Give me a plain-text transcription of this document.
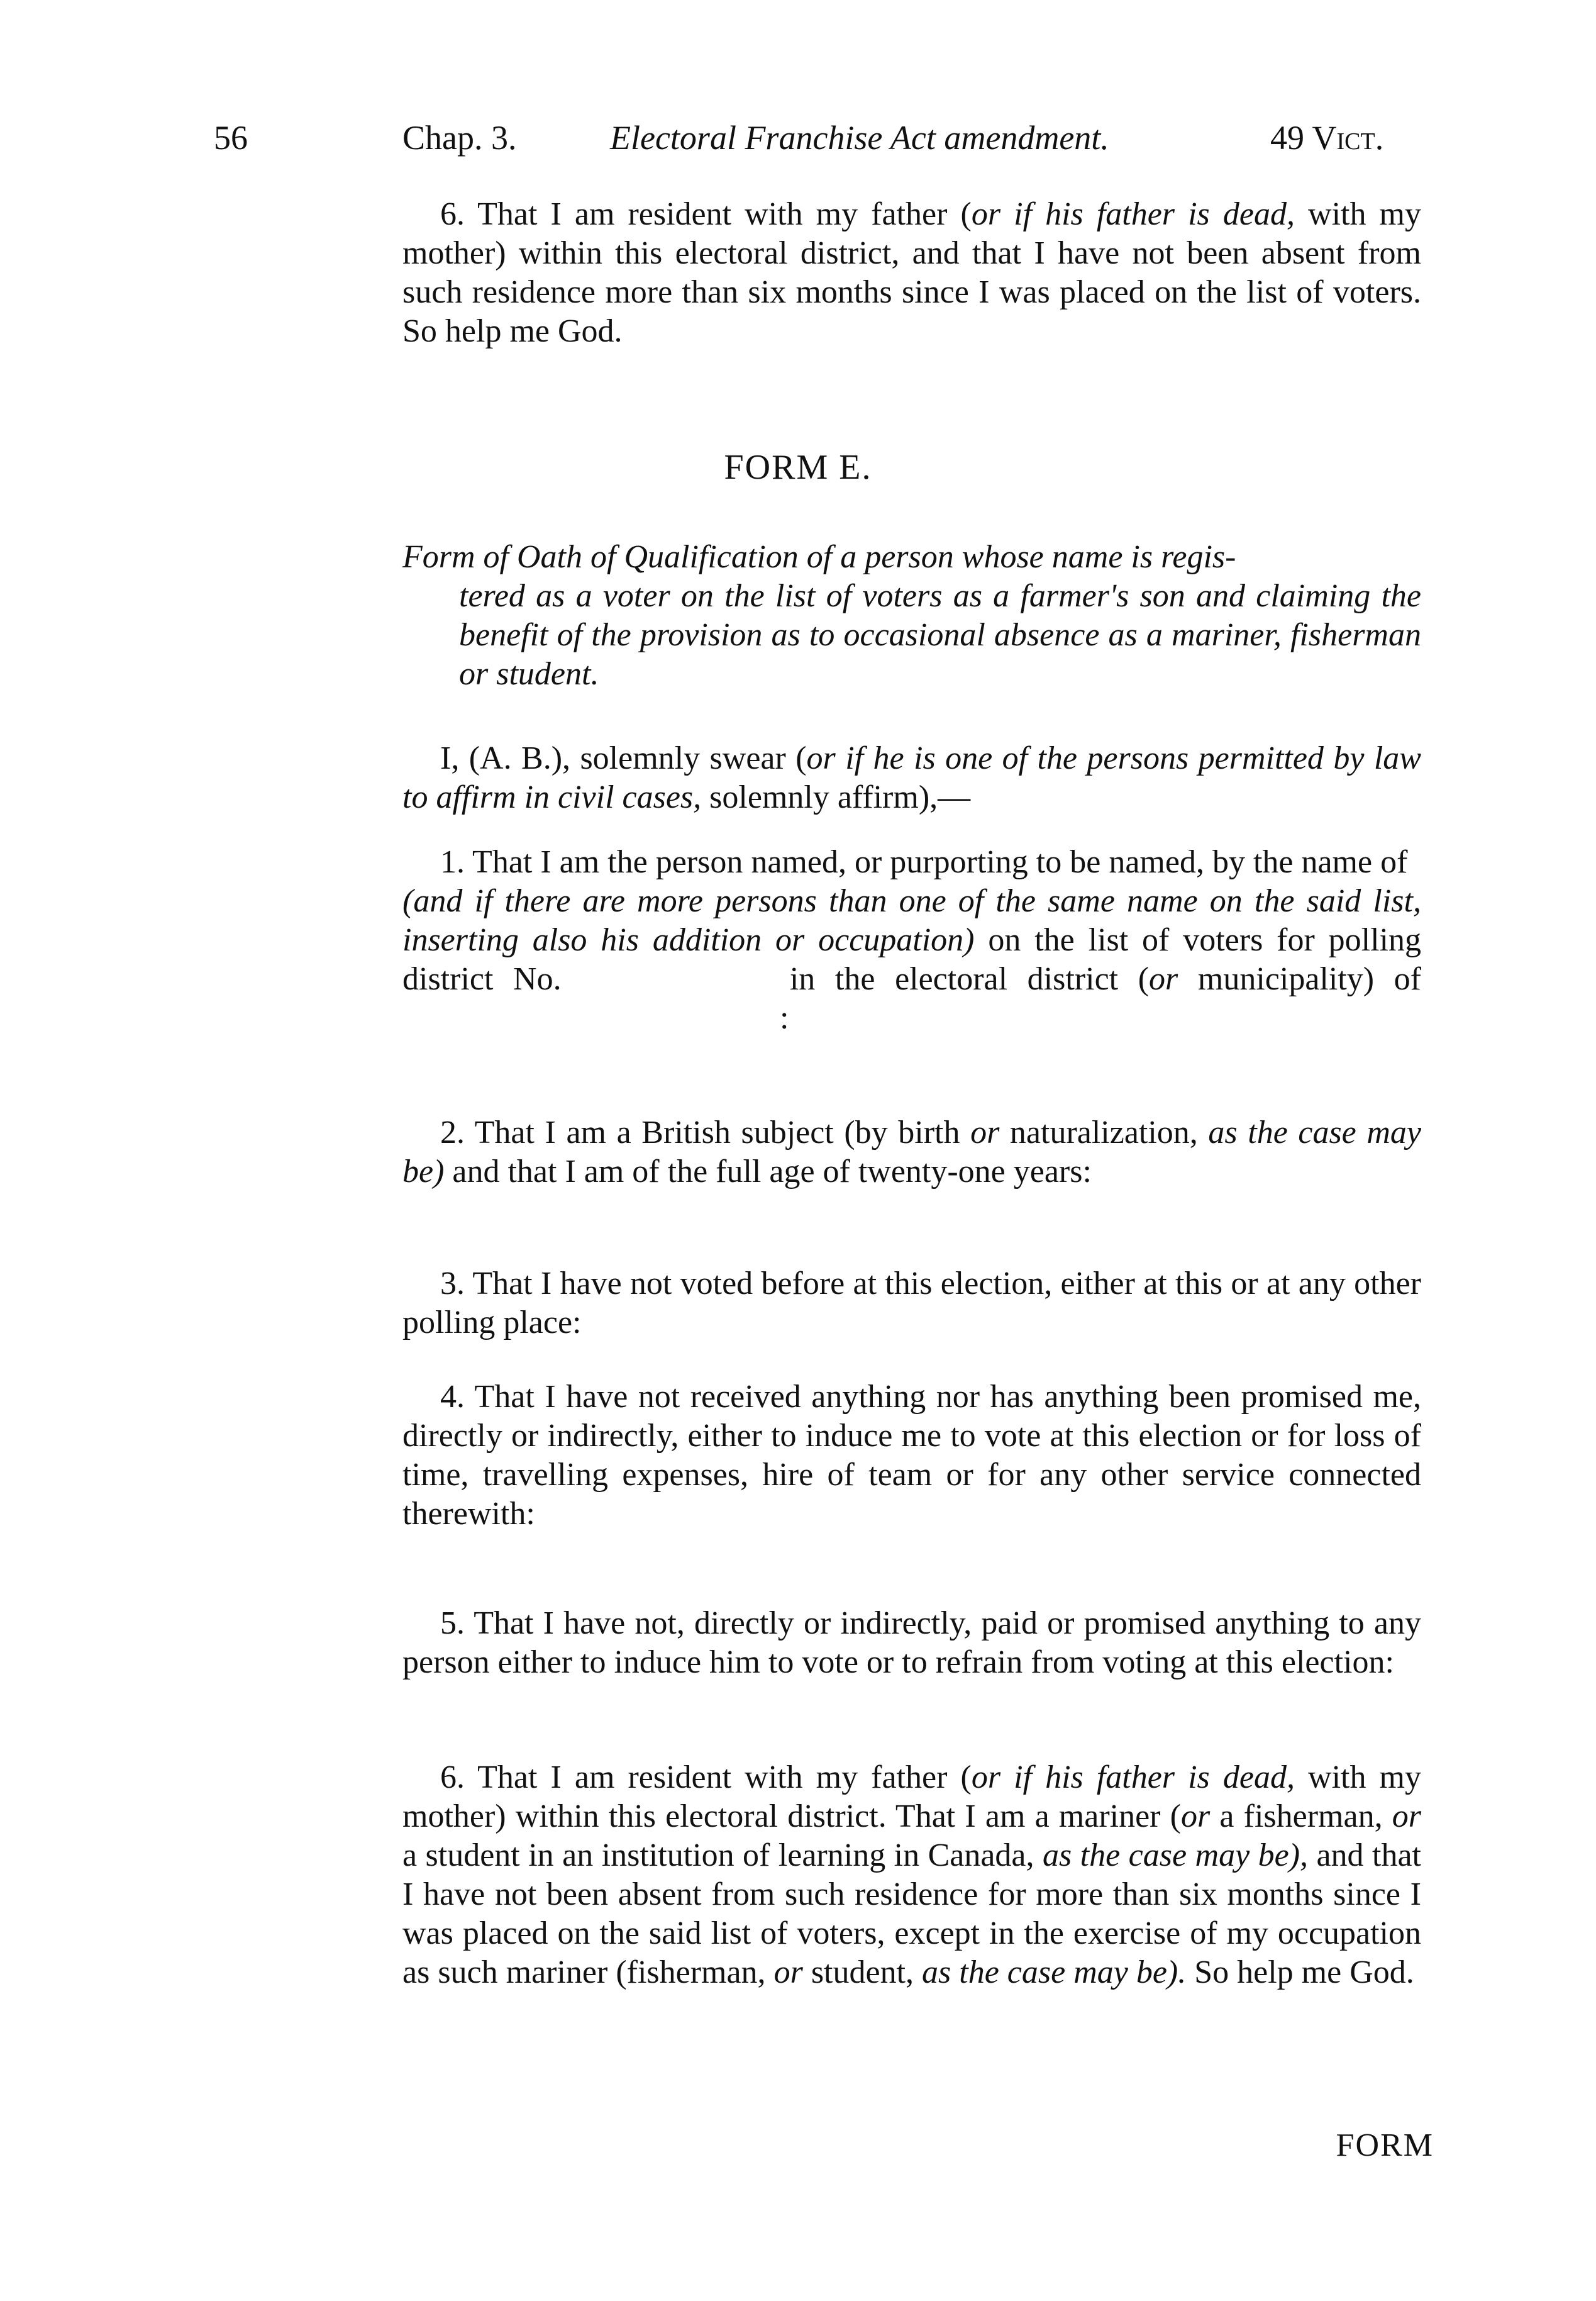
56	Chap. 3.	Electoral Franchise Act amendment.	49 Vict.

6. That I am resident with my father (or if his father is dead, with my mother) within this electoral district, and that I have not been absent from such residence more than six months since I was placed on the list of voters. So help me God.

FORM E.
Form of Oath of Qualification of a person whose name is regis-
tered as a voter on the list of voters as a farmer's son and claiming the benefit of the provision as to occasional absence as a mariner, fisherman or student.

I, (A. B.), solemnly swear (or if he is one of the persons permitted by law to affirm in civil cases, solemnly affirm),—

1. That I am the person named, or purporting to be named, by the name of
(and if there are more persons than one of the same name on the said list, inserting also his addition or occupation) on the list of voters for polling district No.	in the electoral district (or municipality) of :

2. That I am a British subject (by birth or naturalization, as the case may be) and that I am of the full age of twenty-one years:

3. That I have not voted before at this election, either at this or at any other polling place:

4. That I have not received anything nor has anything been promised me, directly or indirectly, either to induce me to vote at this election or for loss of time, travelling expenses, hire of team or for any other service connected therewith:

5. That I have not, directly or indirectly, paid or promised anything to any person either to induce him to vote or to refrain from voting at this election:

6. That I am resident with my father (or if his father is dead, with my mother) within this electoral district. That I am a mariner (or a fisherman, or a student in an institution of learning in Canada, as the case may be), and that I have not been absent from such residence for more than six months since I was placed on the said list of voters, except in the exercise of my occupation as such mariner (fisherman, or student, as the case may be). So help me God.

FORM
